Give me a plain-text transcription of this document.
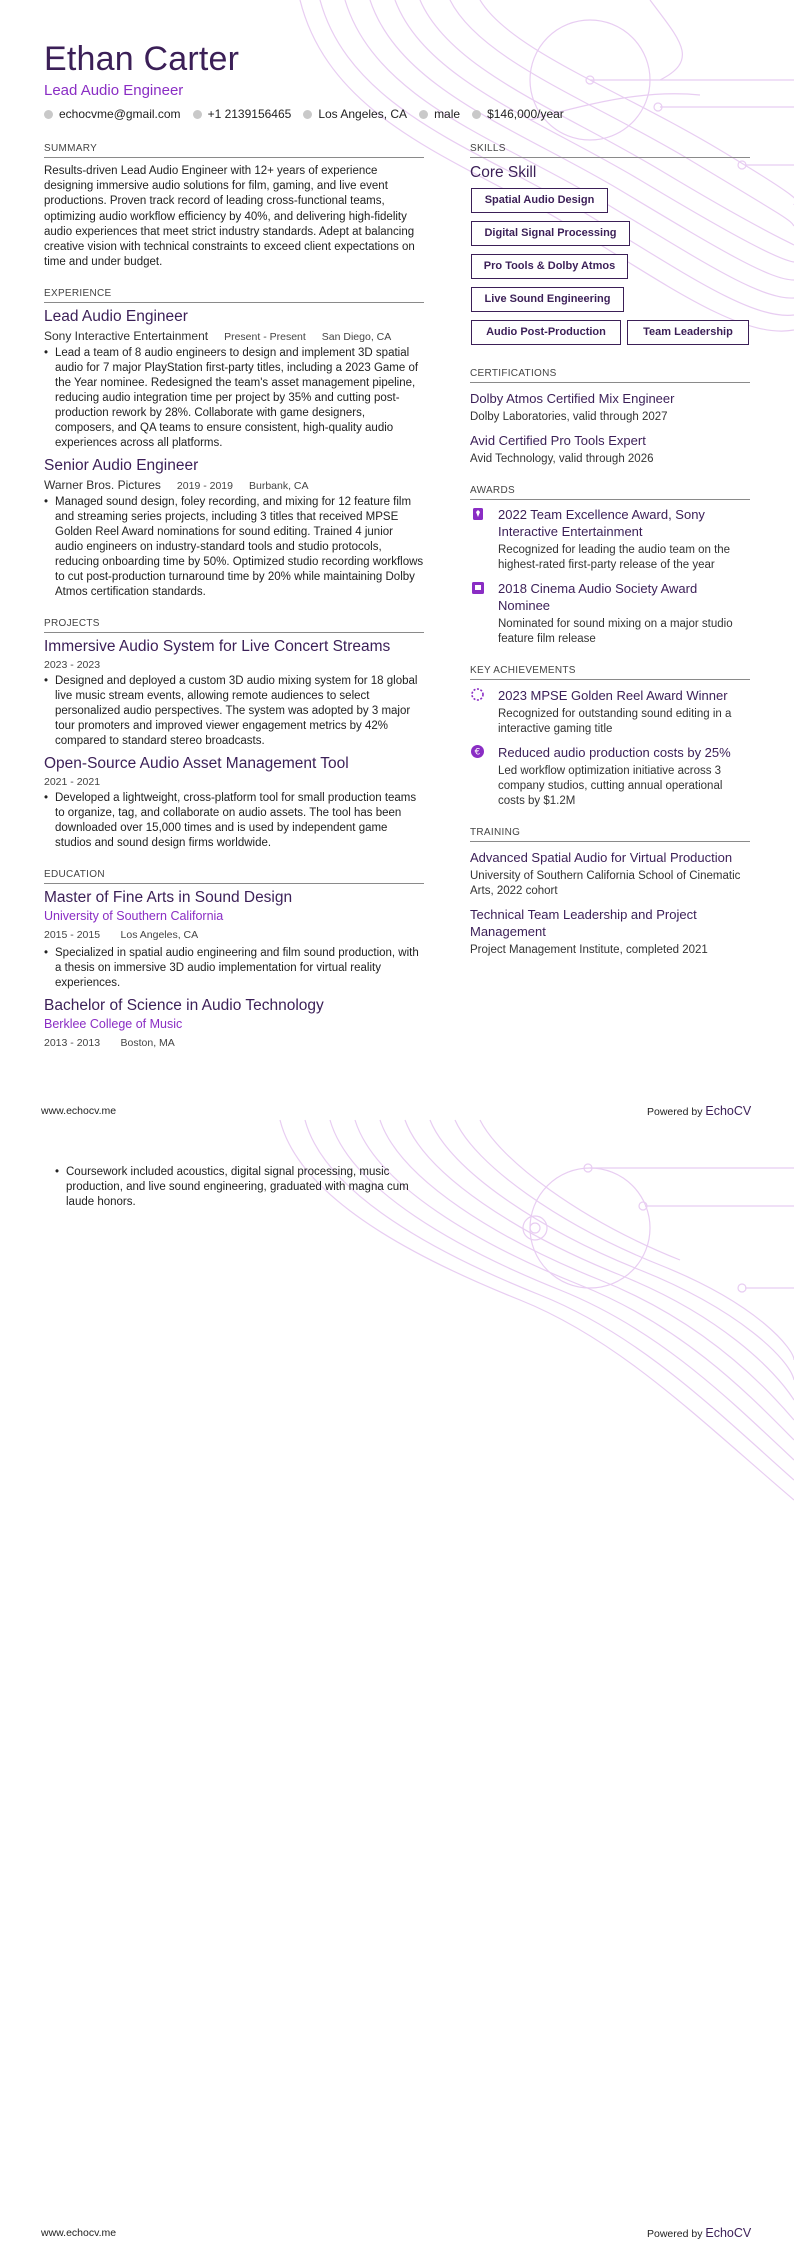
Ethan Carter
Lead Audio Engineer
echocvme@gmail.com +1 2139156465 Los Angeles, CA male $146,000/year
SUMMARY
Results-driven Lead Audio Engineer with 12+ years of experience designing immersive audio solutions for film, gaming, and live event productions. Proven track record of leading cross-functional teams, optimizing audio workflow efficiency by 40%, and delivering high-fidelity audio experiences that meet strict industry standards. Adept at balancing creative vision with technical constraints to exceed client expectations on time and under budget.
EXPERIENCE
Lead Audio Engineer
Sony Interactive Entertainment Present - Present San Diego, CA
• Lead a team of 8 audio engineers to design and implement 3D spatial audio for 7 major PlayStation first-party titles, including a 2023 Game of the Year nominee. Redesigned the team's asset management pipeline, reducing audio integration time per project by 35% and cutting post-production rework by 28%. Collaborate with game designers, composers, and QA teams to ensure consistent, high-quality audio experiences across all platforms.
Senior Audio Engineer
Warner Bros. Pictures 2019 - 2019 Burbank, CA
• Managed sound design, foley recording, and mixing for 12 feature film and streaming series projects, including 3 titles that received MPSE Golden Reel Award nominations for sound editing. Trained 4 junior audio engineers on industry-standard tools and studio protocols, reducing onboarding time by 50%. Optimized studio recording workflows to cut post-production turnaround time by 20% while maintaining Dolby Atmos certification standards.
PROJECTS
Immersive Audio System for Live Concert Streams
2023 - 2023
• Designed and deployed a custom 3D audio mixing system for 18 global live music stream events, allowing remote audiences to select personalized audio perspectives. The system was adopted by 3 major tour promoters and improved viewer engagement metrics by 42% compared to standard stereo broadcasts.
Open-Source Audio Asset Management Tool
2021 - 2021
• Developed a lightweight, cross-platform tool for small production teams to organize, tag, and collaborate on audio assets. The tool has been downloaded over 15,000 times and is used by independent game studios and sound design firms worldwide.
EDUCATION
Master of Fine Arts in Sound Design
University of Southern California
2015 - 2015 Los Angeles, CA
• Specialized in spatial audio engineering and film sound production, with a thesis on immersive 3D audio implementation for virtual reality experiences.
Bachelor of Science in Audio Technology
Berklee College of Music
2013 - 2013 Boston, MA
• Coursework included acoustics, digital signal processing, music production, and live sound engineering, graduated with magna cum laude honors.
SKILLS
Core Skill
Spatial Audio Design
Digital Signal Processing
Pro Tools & Dolby Atmos
Live Sound Engineering
Audio Post-Production	Team Leadership
CERTIFICATIONS
Dolby Atmos Certified Mix Engineer
Dolby Laboratories, valid through 2027
Avid Certified Pro Tools Expert
Avid Technology, valid through 2026
AWARDS
2022 Team Excellence Award, Sony Interactive Entertainment
Recognized for leading the audio team on the highest-rated first-party release of the year
2018 Cinema Audio Society Award Nominee
Nominated for sound mixing on a major studio feature film release
KEY ACHIEVEMENTS
2023 MPSE Golden Reel Award Winner
Recognized for outstanding sound editing in a interactive gaming title
€ Reduced audio production costs by 25%
Led workflow optimization initiative across 3 company studios, cutting annual operational costs by $1.2M
TRAINING
Advanced Spatial Audio for Virtual Production
University of Southern California School of Cinematic Arts, 2022 cohort
Technical Team Leadership and Project Management
Project Management Institute, completed 2021
www.echocv.me	Powered by EchoCV
www.echocv.me	Powered by EchoCV
